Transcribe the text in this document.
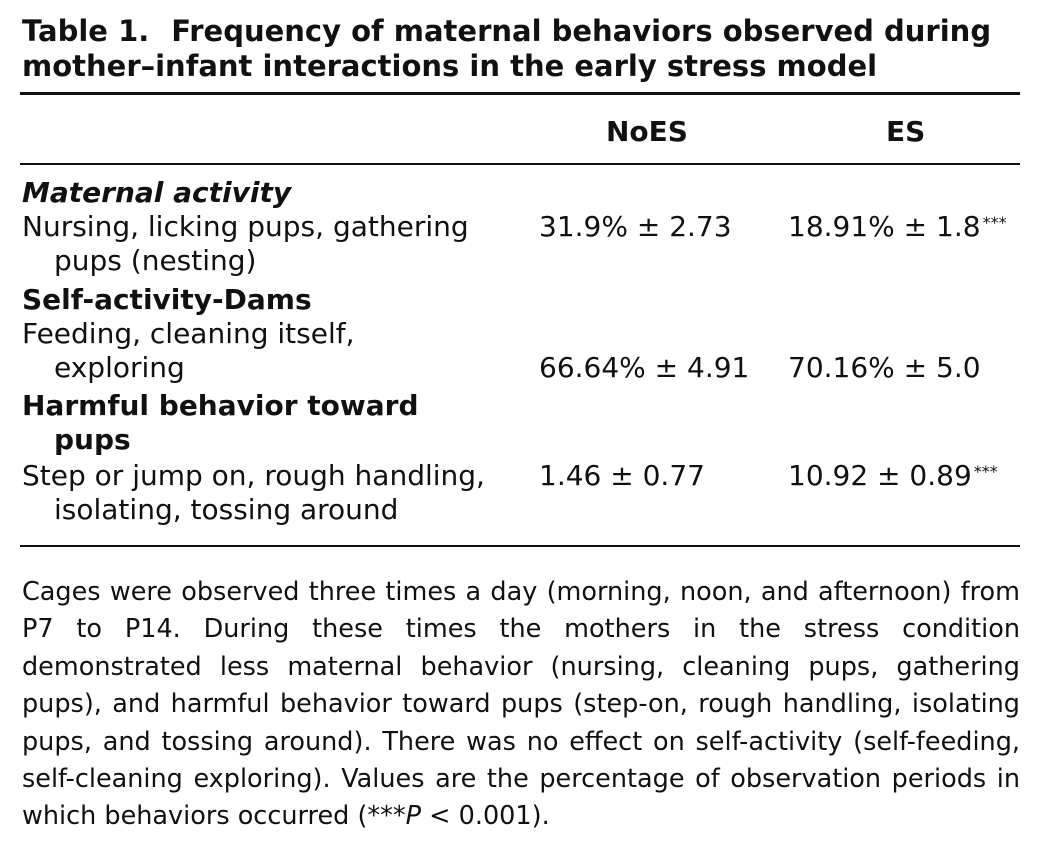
Table 1. Frequency of maternal behaviors observed during
mother–infant interactions in the early stress model
NoES	ES
Maternal activity
Nursing, licking pups, gathering
pups (nesting)
31.9% ± 2.73 18.91% ± 1.8 ***
Self-activity-Dams
Feeding, cleaning itself,
exploring	66.64% ± 4.91 70.16% ± 5.0
Harmful behavior toward
pups
Step or jump on, rough handling,
isolating, tossing around
1.46 ± 0.77	10.92 ± 0.89 ***
Cages were observed three times a day (morning, noon, and afternoon) from P7 to P14. During these times the mothers in the stress condition demonstrated less maternal behavior (nursing, cleaning pups, gathering pups), and harmful behavior toward pups (step-on, rough handling, isolating pups, and tossing around). There was no effect on self-activity (self-feeding, self-cleaning exploring). Values are the percentage of observation periods in which behaviors occurred (***P < 0.001).
